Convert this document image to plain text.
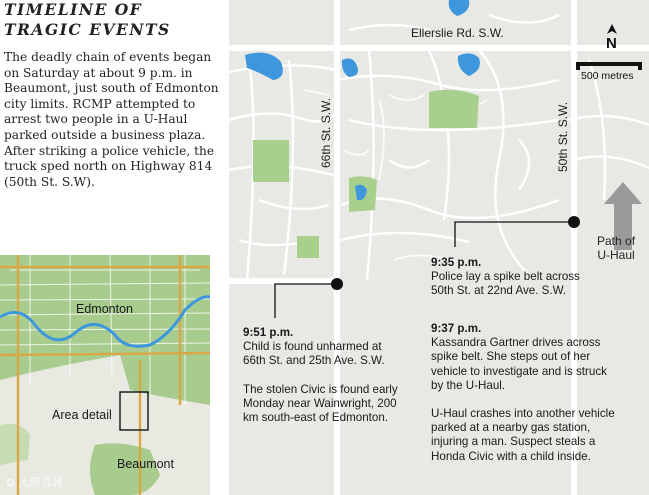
TIMELINE OF
TRAGIC EVENTS
The deadly chain of events began on Saturday at about 9 p.m. in Beaumont, just south of Edmonton city limits. RCMP attempted to arrest two people in a U-Haul parked outside a business plaza. After striking a police vehicle, the truck sped north on Highway 814 (50th St. S.W).
Ellerslie Rd. S.W.
66th St. S.W.	50th St. S.W.
N
500 metres
Path of
U-Haul
9:35 p.m.
Police lay a spike belt across 50th St. at 22nd Ave. S.W.
9:37 p.m.
Kassandra Gartner drives across spike belt. She steps out of her vehicle to investigate and is struck by the U-Haul.
U-Haul crashes into another vehicle parked at a nearby gas station, injuring a man. Suspect steals a Honda Civic with a child inside.
9:51 p.m.
Child is found unharmed at 66th St. and 25th Ave. S.W.
The stolen Civic is found early Monday near Wainwright, 200 km south-east of Edmonton.
Edmonton
Area detail
Beaumont
⊙ 大陸音訊
